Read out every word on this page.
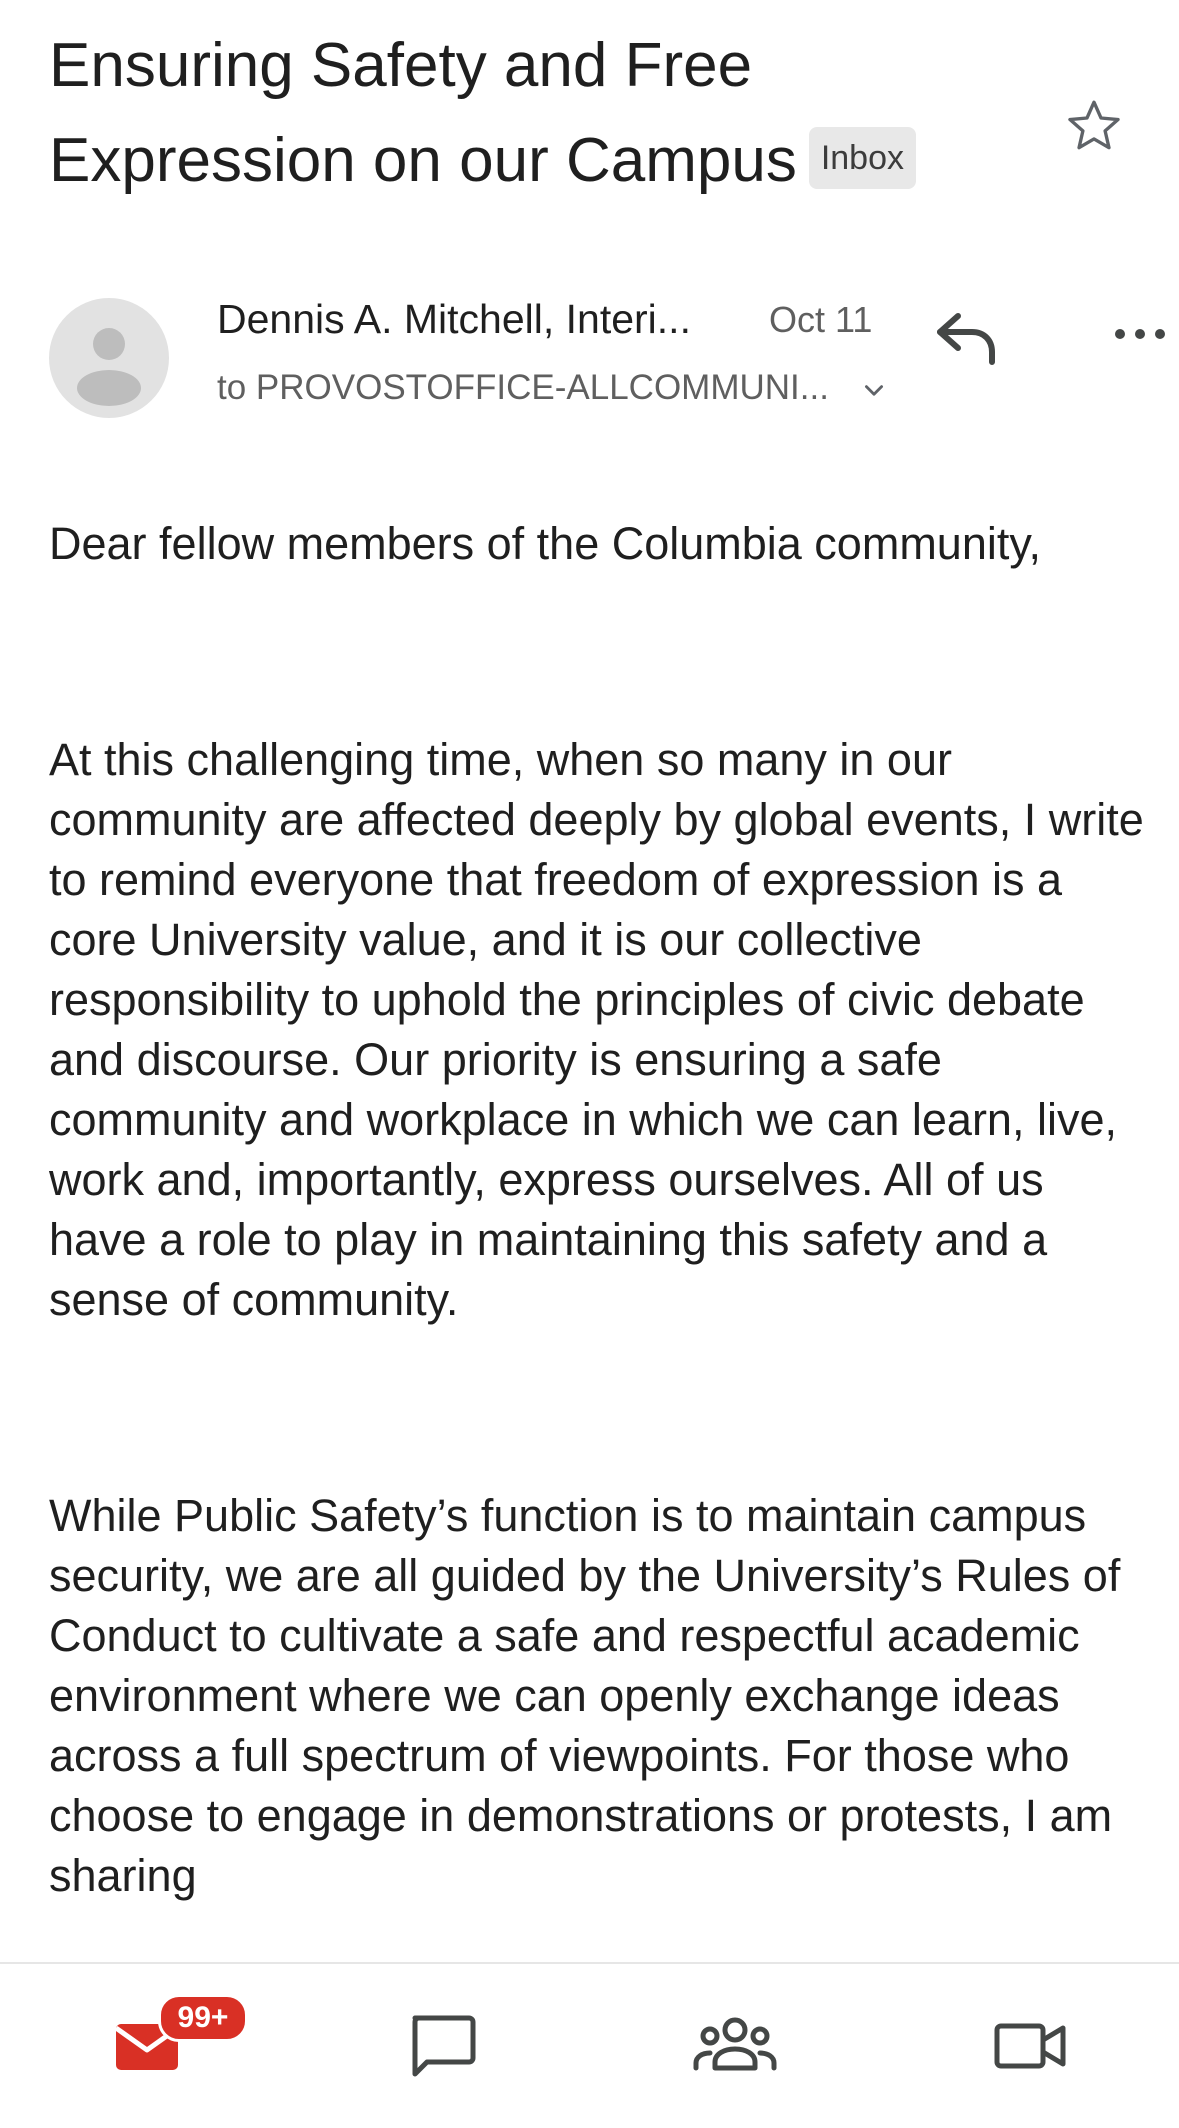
Ensuring Safety and Free Expression on our Campus Inbox
Dennis A. Mitchell, Interi... Oct 11
to PROVOSTOFFICE-ALLCOMMUNI...

Dear fellow members of the Columbia community,

At this challenging time, when so many in our community are affected deeply by global events, I write to remind everyone that freedom of expression is a core University value, and it is our collective responsibility to uphold the principles of civic debate and discourse. Our priority is ensuring a safe community and workplace in which we can learn, live, work and, importantly, express ourselves. All of us have a role to play in maintaining this safety and a sense of community.

While Public Safety’s function is to maintain campus security, we are all guided by the University’s Rules of Conduct to cultivate a safe and respectful academic environment where we can openly exchange ideas across a full spectrum of viewpoints. For those who choose to engage in demonstrations or protests, I am sharing

99+
